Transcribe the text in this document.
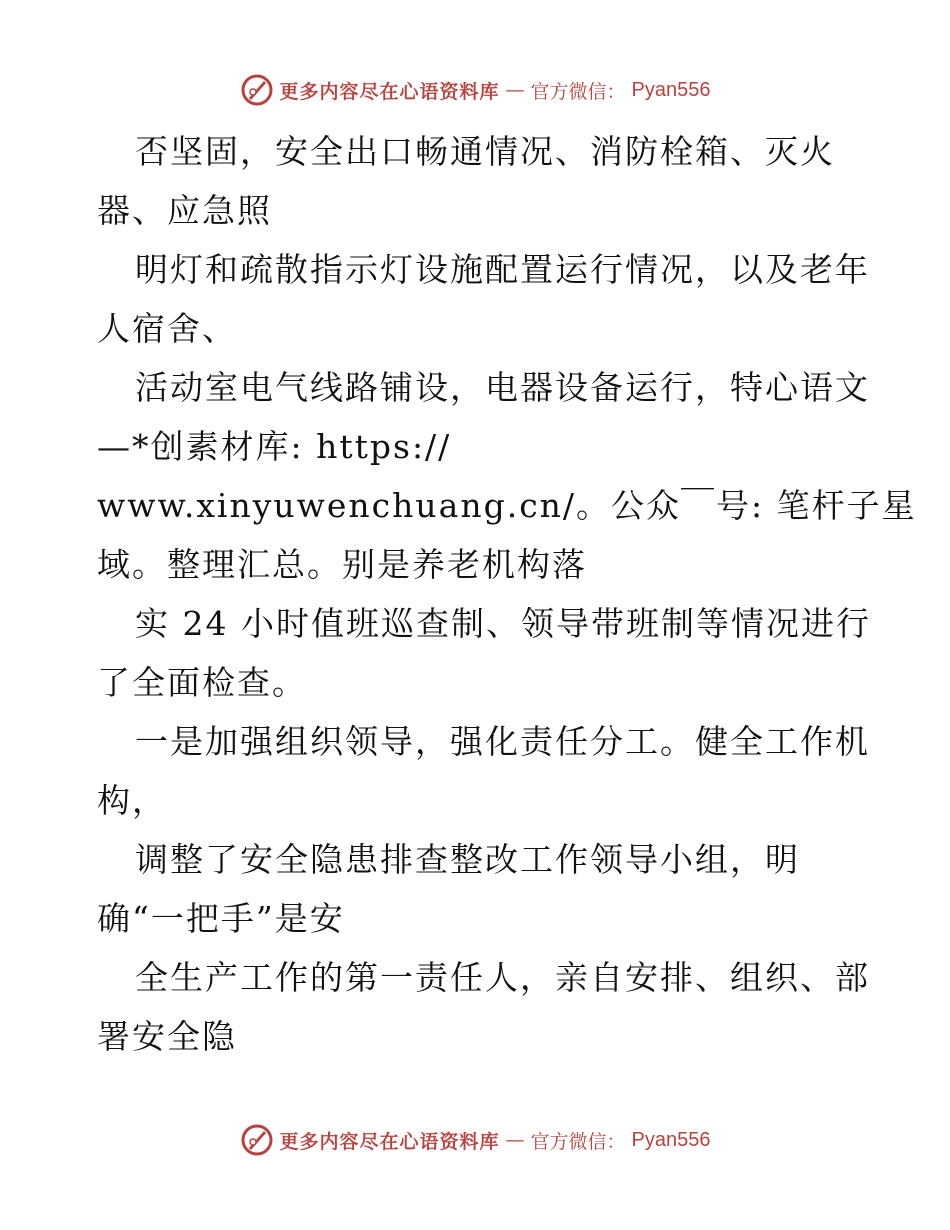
更多内容尽在心语资料库 — 官方微信： Pyan556
否坚固，安全出口畅通情况、消防栓箱、灭火
器、应急照
明灯和疏散指示灯设施配置运行情况，以及老年
人宿舍、
活动室电气线路铺设，电器设备运行，特心语文
—*创素材库: https://
www.xinyuwenchuang.cn/。公众￣号: 笔杆子星
域。整理汇总。别是养老机构落
实 24 小时值班巡查制、领导带班制等情况进行
了全面检查。
一是加强组织领导，强化责任分工。健全工作机
构，
调整了安全隐患排查整改工作领导小组，明
确“一把手”是安
全生产工作的第一责任人，亲自安排、组织、部
署安全隐
更多内容尽在心语资料库 — 官方微信： Pyan556
